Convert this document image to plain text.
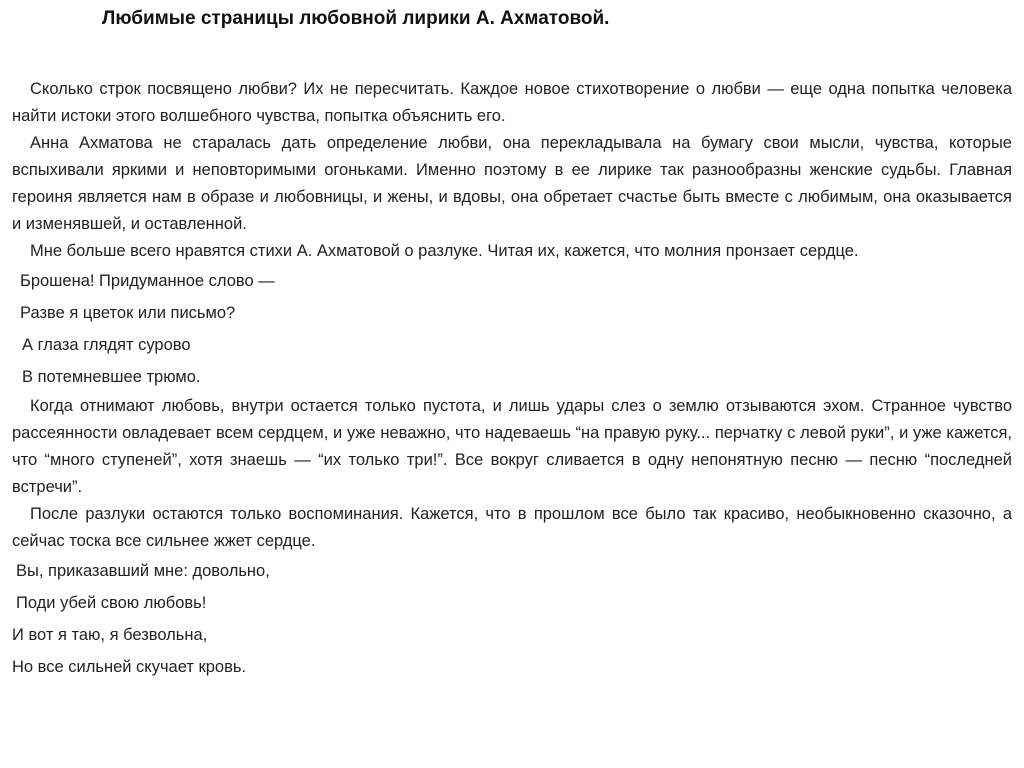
Любимые страницы любовной лирики А. Ахматовой.

Сколько строк посвящено любви? Их не пересчитать. Каждое новое стихотворение о любви — еще одна попытка человека найти истоки этого волшебного чувства, попытка объяснить его.

Анна Ахматова не старалась дать определение любви, она перекладывала на бумагу свои мысли, чувства, которые вспыхивали яркими и неповторимыми огоньками. Именно поэтому в ее лирике так разнообразны женские судьбы. Главная героиня является нам в образе и любовницы, и жены, и вдовы, она обретает счастье быть вместе с любимым, она оказывается и изменявшей, и оставленной.

Мне больше всего нравятся стихи А. Ахматовой о разлуке. Читая их, кажется, что молния пронзает сердце.

Брошена! Придуманное слово —
Разве я цветок или письмо?
А глаза глядят сурово
В потемневшее трюмо.

Когда отнимают любовь, внутри остается только пустота, и лишь удары слез о землю отзываются эхом. Странное чувство рассеянности овладевает всем сердцем, и уже неважно, что надеваешь “на правую руку... перчатку с левой руки”, и уже кажется, что “много ступеней”, хотя знаешь — “их только три!”. Все вокруг сливается в одну непонятную песню — песню “последней встречи”.

После разлуки остаются только воспоминания. Кажется, что в прошлом все было так красиво, необыкновенно сказочно, а сейчас тоска все сильнее жжет сердце.

Вы, приказавший мне: довольно,
Поди убей свою любовь!
И вот я таю, я безвольна,
Но все сильней скучает кровь.
